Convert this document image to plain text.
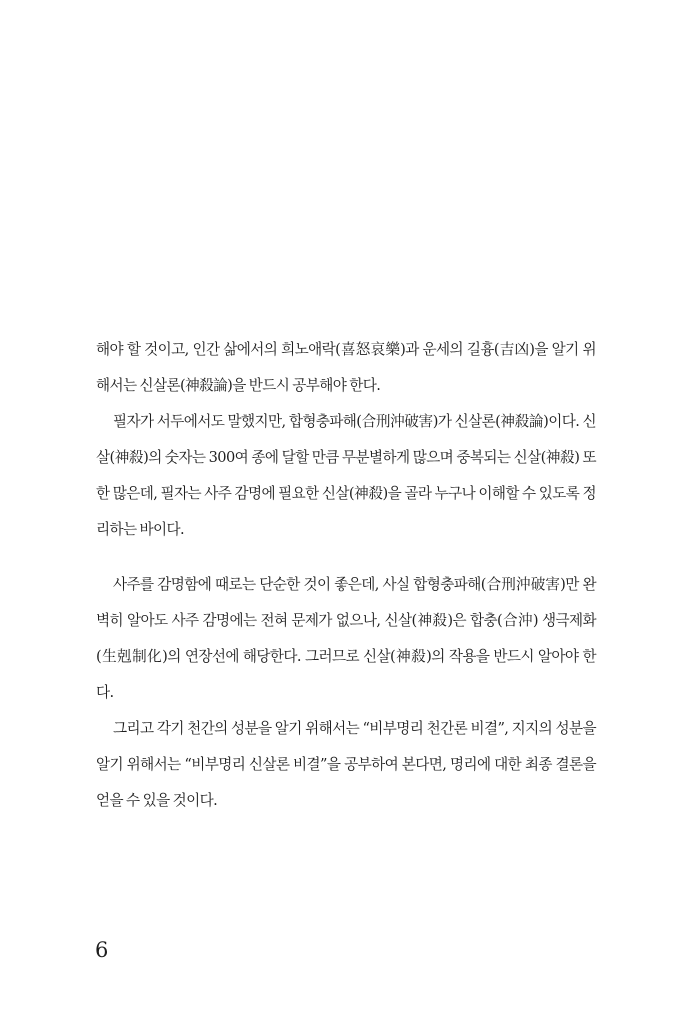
해야 할 것이고, 인간 삶에서의 희노애락(喜怒哀樂)과 운세의 길흉(吉凶)을 알기 위해서는 신살론(神殺論)을 반드시 공부해야 한다.

필자가 서두에서도 말했지만, 합형충파해(合刑沖破害)가 신살론(神殺論)이다. 신살(神殺)의 숫자는 300여 종에 달할 만큼 무분별하게 많으며 중복되는 신살(神殺) 또한 많은데, 필자는 사주 감명에 필요한 신살(神殺)을 골라 누구나 이해할 수 있도록 정리하는 바이다.

사주를 감명함에 때로는 단순한 것이 좋은데, 사실 합형충파해(合刑沖破害)만 완벽히 알아도 사주 감명에는 전혀 문제가 없으나, 신살(神殺)은 합충(合沖) 생극제화(生剋制化)의 연장선에 해당한다. 그러므로 신살(神殺)의 작용을 반드시 알아야 한다.

그리고 각기 천간의 성분을 알기 위해서는 “비부명리 천간론 비결”, 지지의 성분을 알기 위해서는 “비부명리 신살론 비결”을 공부하여 본다면, 명리에 대한 최종 결론을 얻을 수 있을 것이다.

6
